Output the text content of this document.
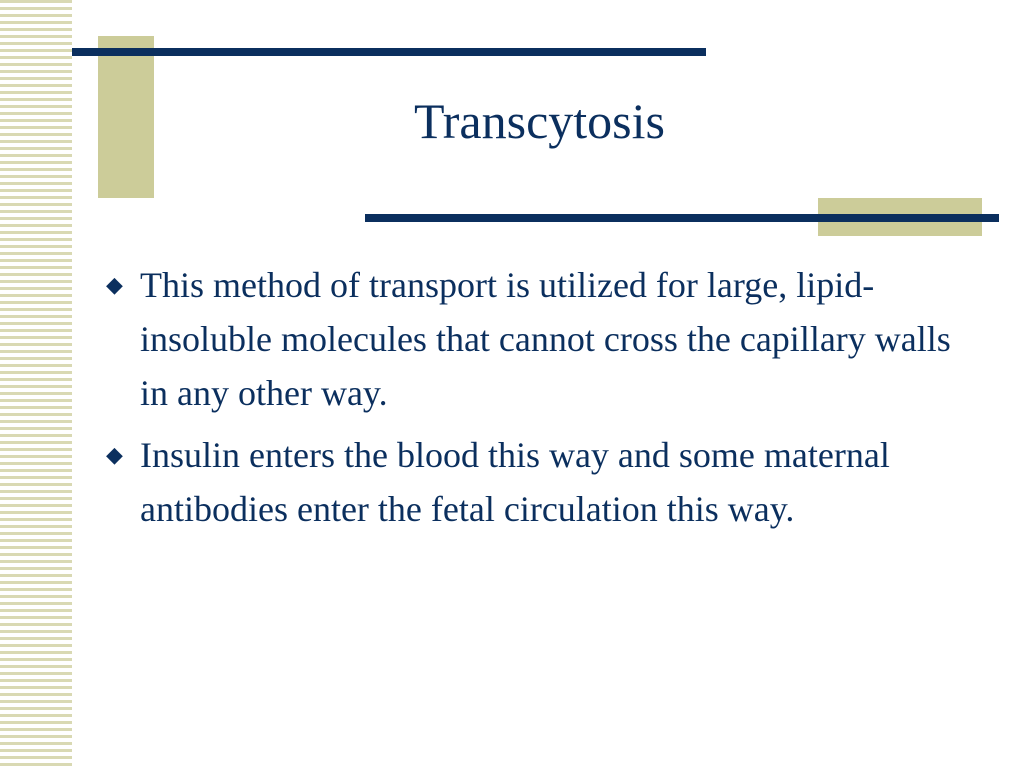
Transcytosis
◆ This method of transport is utilized for large, lipid-insoluble molecules that cannot cross the capillary walls in any other way.
◆ Insulin enters the blood this way and some maternal antibodies enter the fetal circulation this way.
